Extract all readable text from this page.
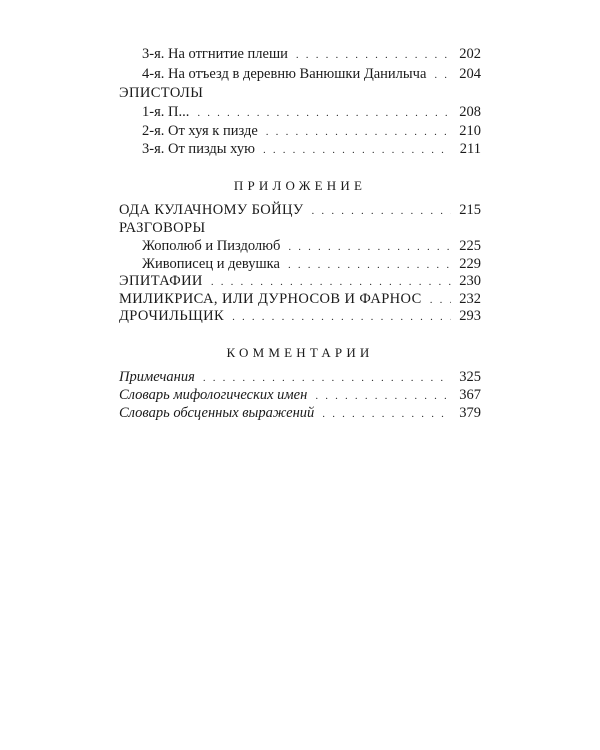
3-я. На отгнитие плеши . . .	202
4-я. На отъезд в деревню Ванюшки Данилыча . . . 204
ЭПИСТОЛЫ
1-я. П... . . .	208
2-я. От хуя к пизде . . .	210
3-я. От пизды хую . . .	211
ПРИЛОЖЕНИЕ
ОДА КУЛАЧНОМУ БОЙЦУ . . .	215
РАЗГОВОРЫ
Жополюб и Пиздолюб . . .	225
Живописец и девушка . . .	229
ЭПИТАФИИ . . .	230
МИЛИКРИСА, ИЛИ ДУРНОСОВ И ФАРНОС . . .	232
ДРОЧИЛЬЩИК . . .	293
КОММЕНТАРИИ
Примечания . . .	325
Словарь мифологических имен . . .	367
Словарь обсценных выражений . . .	379
